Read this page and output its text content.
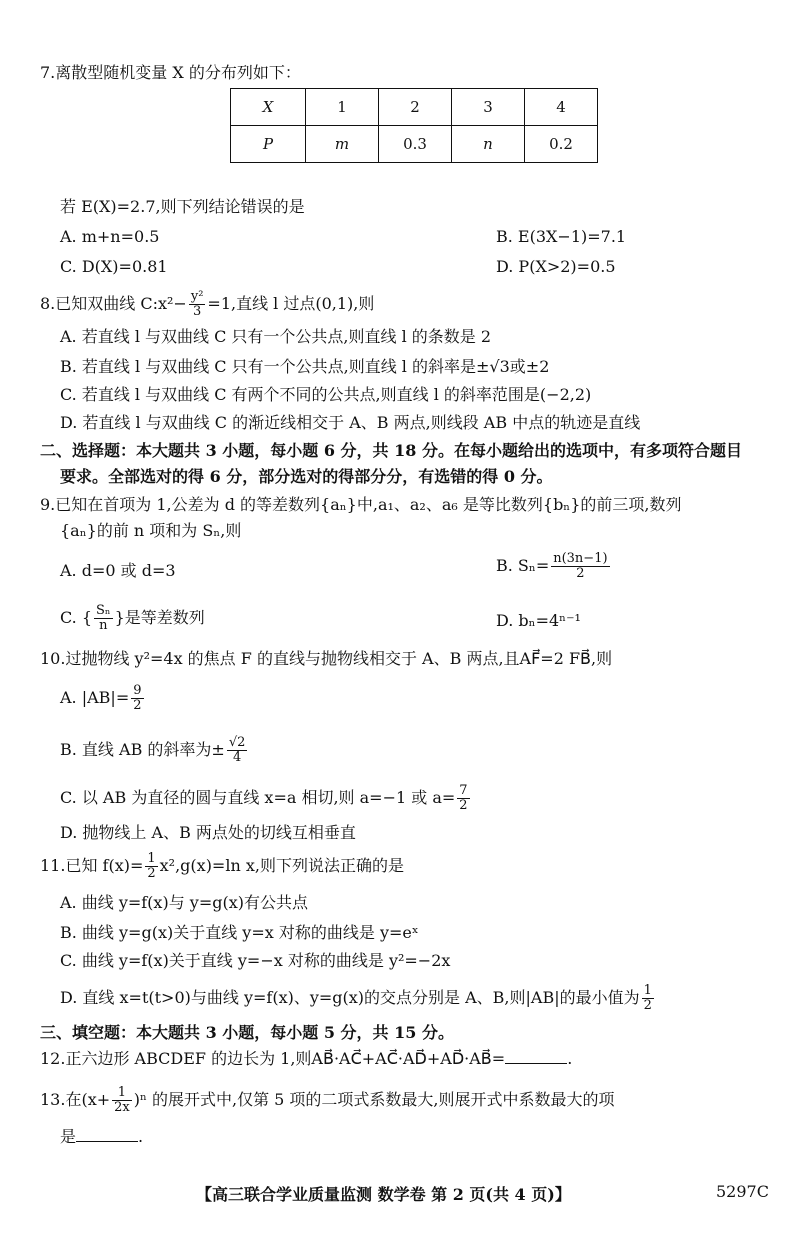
7.离散型随机变量 X 的分布列如下：
X	1	2	3	4
P	m	0.3	n	0.2
若 E(X)=2.7,则下列结论错误的是
A. m+n=0.5	B. E(3X−1)=7.1
C. D(X)=0.81	D. P(X>2)=0.5
8.已知双曲线 C:x²− $\frac{\text{y²}}{3} =1$,直线 l 过点(0,1),则
A. 若直线 l 与双曲线 C 只有一个公共点,则直线 l 的条数是 2
B. 若直线 l 与双曲线 C 只有一个公共点,则直线 l 的斜率是±√3或±2
C. 若直线 l 与双曲线 C 有两个不同的公共点,则直线 l 的斜率范围是(−2,2)
D. 若直线 l 与双曲线 C 的渐近线相交于 A、B 两点,则线段 AB 中点的轨迹是直线
二、选择题：本大题共 3 小题，每小题 6 分，共 18 分。在每小题给出的选项中，有多项符合题目
要求。全部选对的得 6 分，部分选对的得部分分，有选错的得 0 分。
9.已知在首项为 1,公差为 d 的等差数列{aₙ}中,a₁、a₂、a₆ 是等比数列{bₙ}的前三项,数列
{aₙ}的前 n 项和为 Sₙ,则
A. d=0 或 d=3	B. $S_n= \frac{n(3n-1)}{2}$
C. { $\frac{\text{Sₙ}}{n}$ }是等差数列	D. bₙ=4ⁿ⁻¹
10.过抛物线 y²=4x 的焦点 F 的直线与抛物线相交于 A、B 两点,且AF⃗=2 FB⃗,则
A. $|AB|= \frac{9}{2}$
B. 直线 AB 的斜率为± $\frac{√2}{4}$
C. 以 AB 为直径的圆与直线 x=a 相切,则 a=−1 或 $a= \frac{7}{2}$
D. 抛物线上 A、B 两点处的切线互相垂直
11.已知 $f(x)= \frac{1}{2} x^2,g(x)=\ln$ x,则下列说法正确的是
A. 曲线 y=f(x)与 y=g(x)有公共点
B. 曲线 y=g(x)关于直线 y=x 对称的曲线是 y=eˣ
C. 曲线 y=f(x)关于直线 y=−x 对称的曲线是 y²=−2x
D. 直线 x=t(t>0)与曲线 y=f(x)、y=g(x)的交点分别是 A、B,则|AB|的最小值为 $\frac{1}{2}$
三、填空题：本大题共 3 小题，每小题 5 分，共 15 分。
12.正六边形 ABCDEF 的边长为 1,则AB⃗·AC⃗+AC⃗·AD⃗+AD⃗·AB⃗=	.
13.在$(x+ \frac{1}{2x} )^n$ 的展开式中,仅第 5 项的二项式系数最大,则展开式中系数最大的项
是	.
【高三联合学业质量监测 数学卷 第 2 页(共 4 页)】	5297C
